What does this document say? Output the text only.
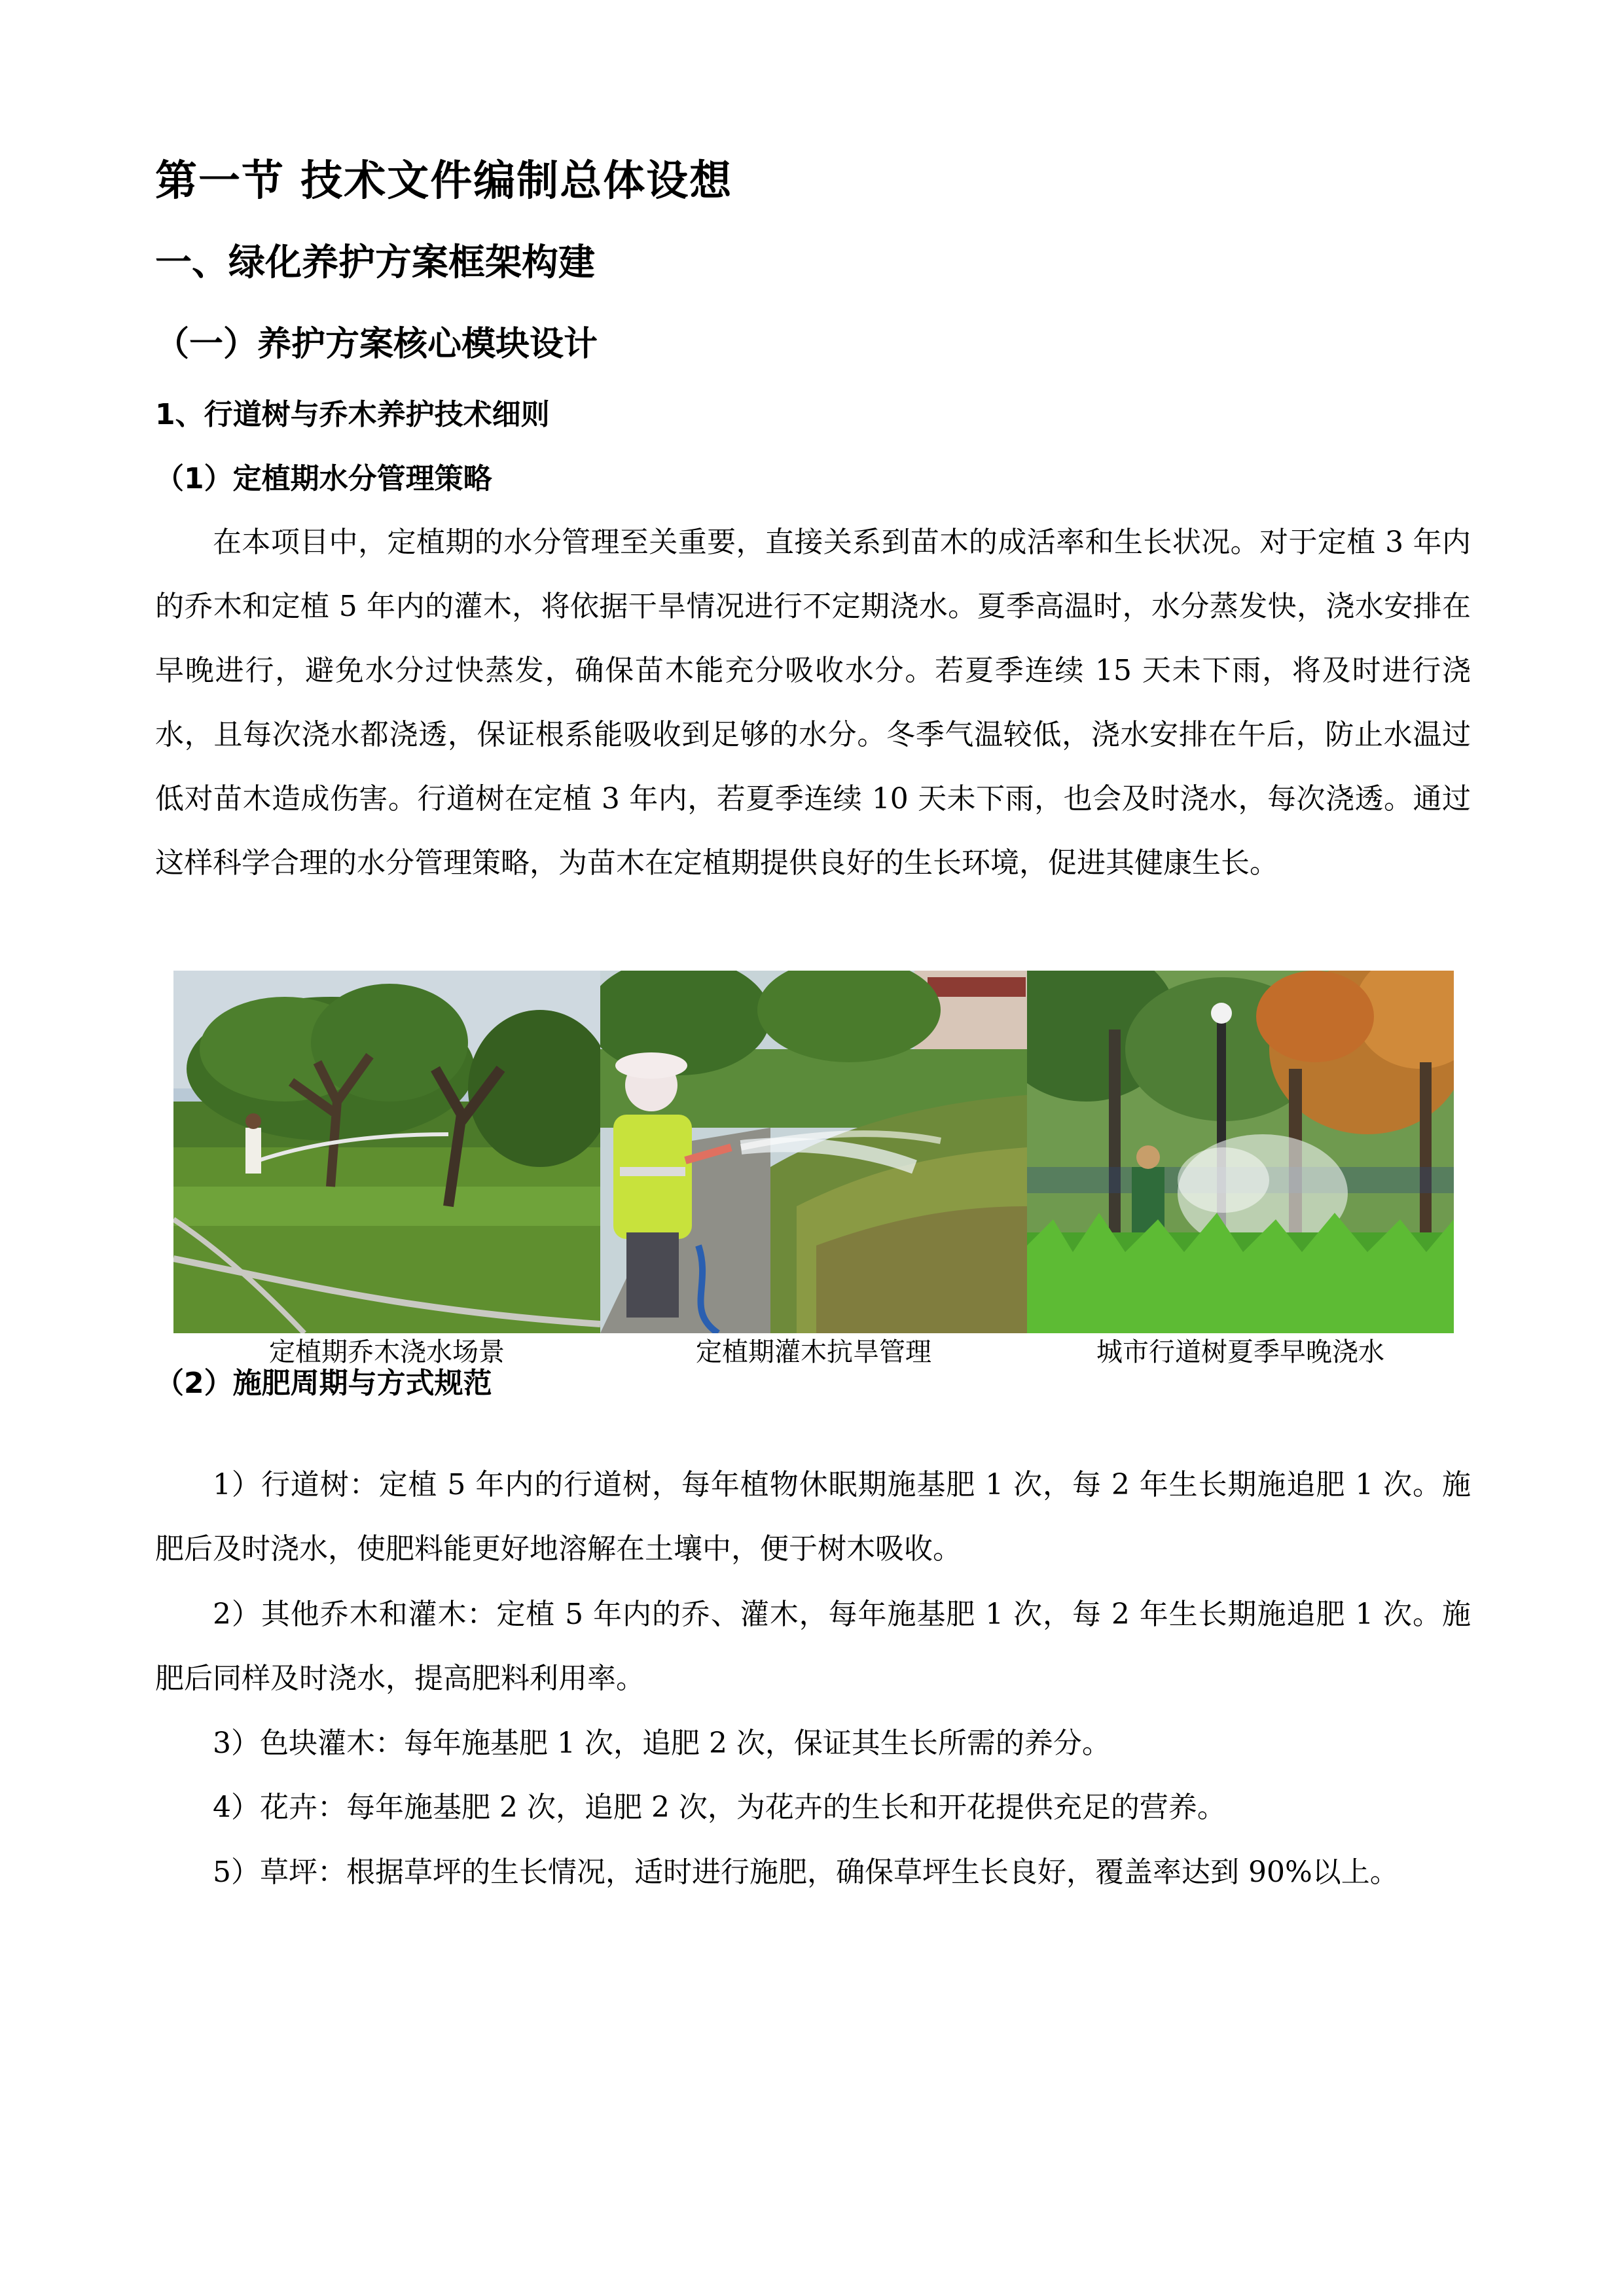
第一节 技术文件编制总体设想
一、绿化养护方案框架构建
（一）养护方案核心模块设计
1、行道树与乔木养护技术细则
（1）定植期水分管理策略

在本项目中，定植期的水分管理至关重要，直接关系到苗木的成活率和生长状况。对于定植 3 年内的乔木和定植 5 年内的灌木，将依据干旱情况进行不定期浇水。夏季高温时，水分蒸发快，浇水安排在早晚进行，避免水分过快蒸发，确保苗木能充分吸收水分。若夏季连续 15 天未下雨，将及时进行浇水，且每次浇水都浇透，保证根系能吸收到足够的水分。冬季气温较低，浇水安排在午后，防止水温过低对苗木造成伤害。行道树在定植 3 年内，若夏季连续 10 天未下雨，也会及时浇水，每次浇透。通过这样科学合理的水分管理策略，为苗木在定植期提供良好的生长环境，促进其健康生长。

定植期乔木浇水场景	定植期灌木抗旱管理	城市行道树夏季早晚浇水
（2）施肥周期与方式规范

1）行道树：定植 5 年内的行道树，每年植物休眠期施基肥 1 次，每 2 年生长期施追肥 1 次。施肥后及时浇水，使肥料能更好地溶解在土壤中，便于树木吸收。

2）其他乔木和灌木：定植 5 年内的乔、灌木，每年施基肥 1 次，每 2 年生长期施追肥 1 次。施肥后同样及时浇水，提高肥料利用率。

3）色块灌木：每年施基肥 1 次，追肥 2 次，保证其生长所需的养分。

4）花卉：每年施基肥 2 次，追肥 2 次，为花卉的生长和开花提供充足的营养。

5）草坪：根据草坪的生长情况，适时进行施肥，确保草坪生长良好，覆盖率达到 90%以上。
